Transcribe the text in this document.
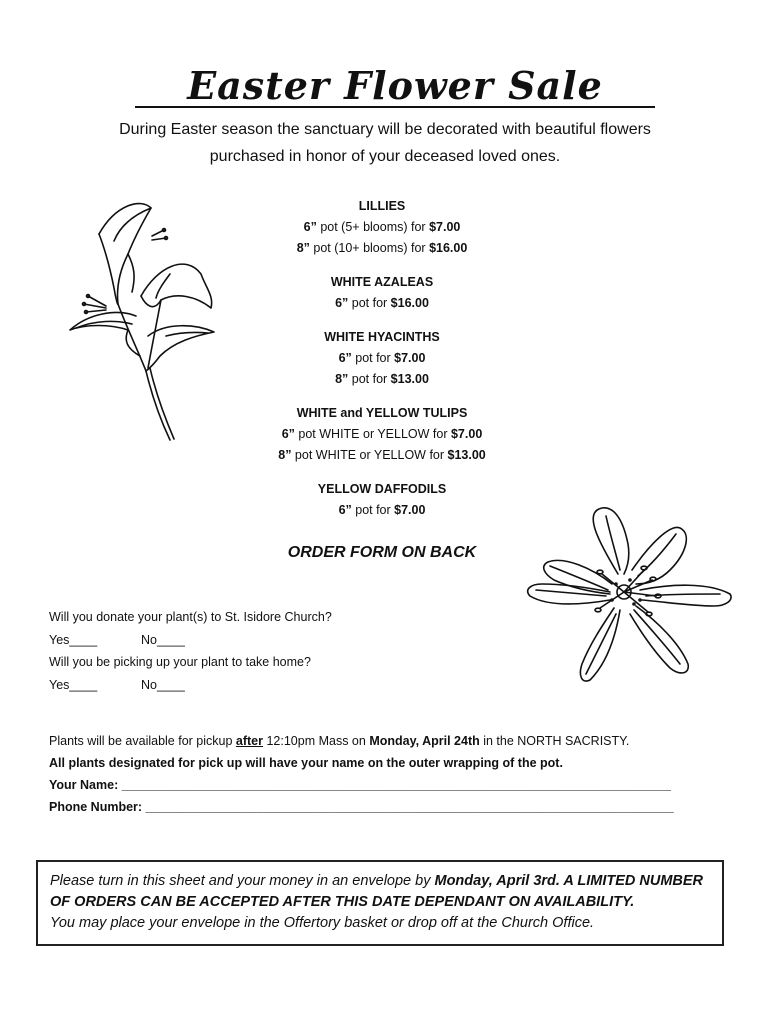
Easter Flower Sale
During Easter season the sanctuary will be decorated with beautiful flowers
purchased in honor of your deceased loved ones.
LILLIES
6” pot (5+ blooms) for $7.00
8” pot (10+ blooms) for $16.00
WHITE AZALEAS
6” pot for $16.00
WHITE HYACINTHS
6” pot for $7.00
8” pot for $13.00
WHITE and YELLOW TULIPS
6” pot WHITE or YELLOW for $7.00
8” pot WHITE or YELLOW for $13.00
YELLOW DAFFODILS
6” pot for $7.00
ORDER FORM ON BACK
Will you donate your plant(s) to St. Isidore Church?
Yes____	No____
Will you be picking up your plant to take home?
Yes____	No____
Plants will be available for pickup after 12:10pm Mass on Monday, April 24th in the NORTH SACRISTY.
All plants designated for pick up will have your name on the outer wrapping of the pot.
Your Name: _______________________________________________________________________________
Phone Number: ____________________________________________________________________________
Please turn in this sheet and your money in an envelope by Monday, April 3rd. A LIMITED NUMBER OF ORDERS CAN BE ACCEPTED AFTER THIS DATE DEPENDANT ON AVAILABILITY.
You may place your envelope in the Offertory basket or drop off at the Church Office.
